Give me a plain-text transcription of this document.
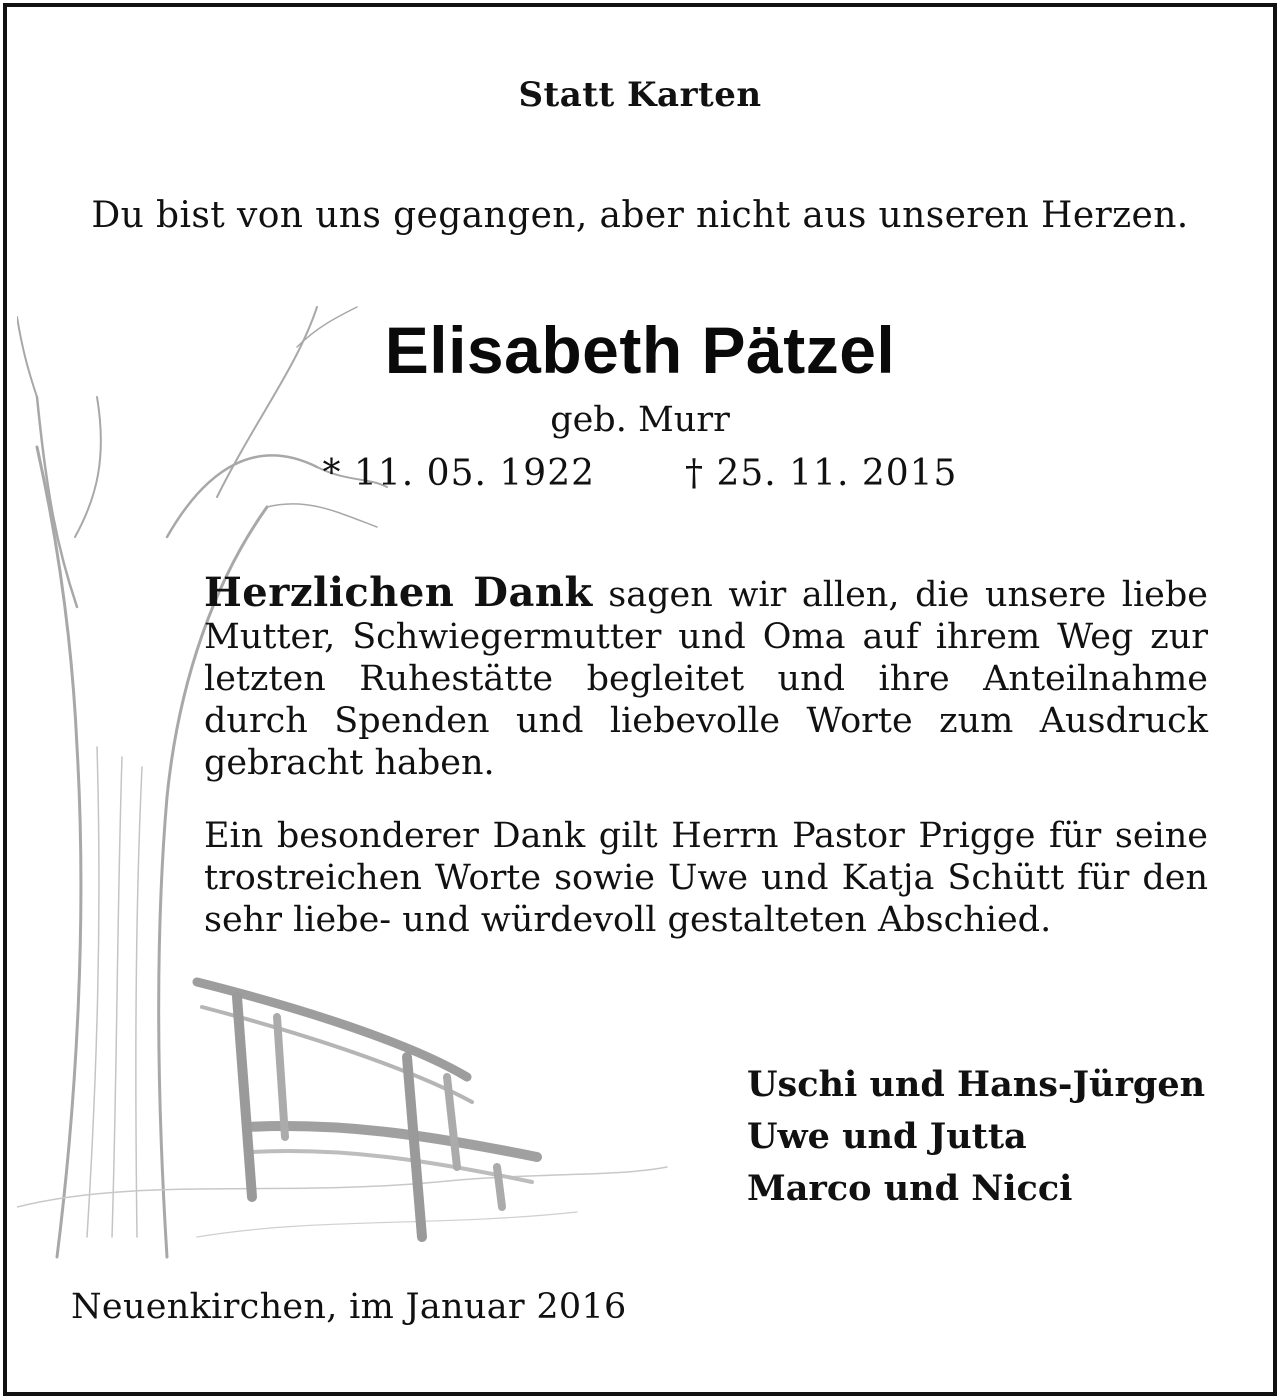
Statt Karten
Du bist von uns gegangen, aber nicht aus unseren Herzen.
Elisabeth Pätzel
geb. Murr
* 11. 05. 1922	† 25. 11. 2015
Herzlichen Dank sagen wir allen, die unsere liebe Mutter, Schwiegermutter und Oma auf ihrem Weg zur letzten Ruhestätte begleitet und ihre Anteilnahme durch Spenden und liebevolle Worte zum Ausdruck gebracht haben.
Ein besonderer Dank gilt Herrn Pastor Prigge für seine trostreichen Worte sowie Uwe und Katja Schütt für den sehr liebe- und würdevoll gestalteten Abschied.
Uschi und Hans-Jürgen
Uwe und Jutta
Marco und Nicci
Neuenkirchen, im Januar 2016
